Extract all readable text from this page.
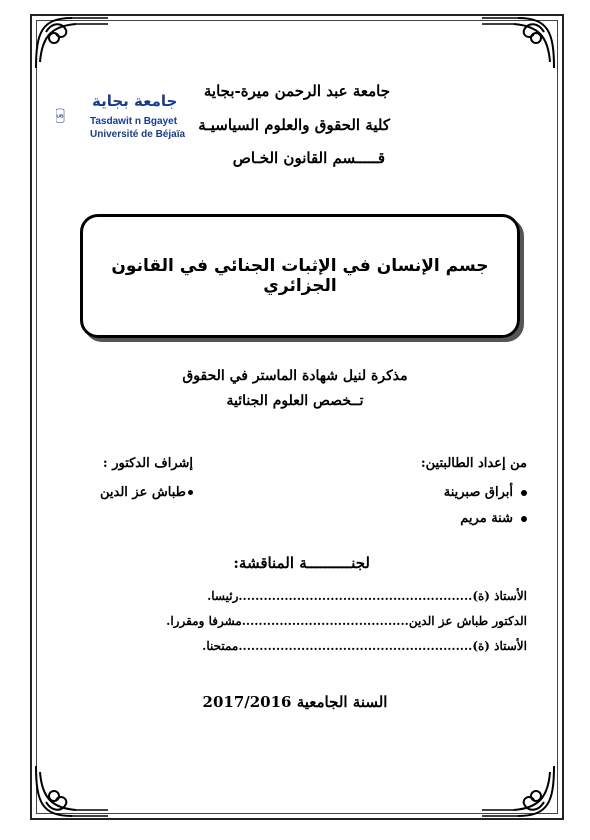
UB
جامعة بجاية
Tasdawit n Bgayet
Université de Béjaïa
جامعة عبد الرحمن ميرة-بجاية
كلية الحقوق والعلوم السياسيـة
قـــــسم القانون الخـاص
جسم الإنسان في الإثبات الجنائي في القانون الجزائري
مذكرة لنيل شهادة الماستر في الحقوق
تــخصص العلوم الجنائية
من إعداد الطالبتين:
إشراف الدكتور :
أبراق صبرينة
شنة مريم
طباش عز الدين
لجنــــــــــة المناقشة:
الأستاذ (ة)........................................................رئيسا.
الدكتور طباش عز الدين........................................مشرفا ومقررا.
الأستاذ (ة)........................................................ممتحنا.
السنة الجامعية 2017/2016
